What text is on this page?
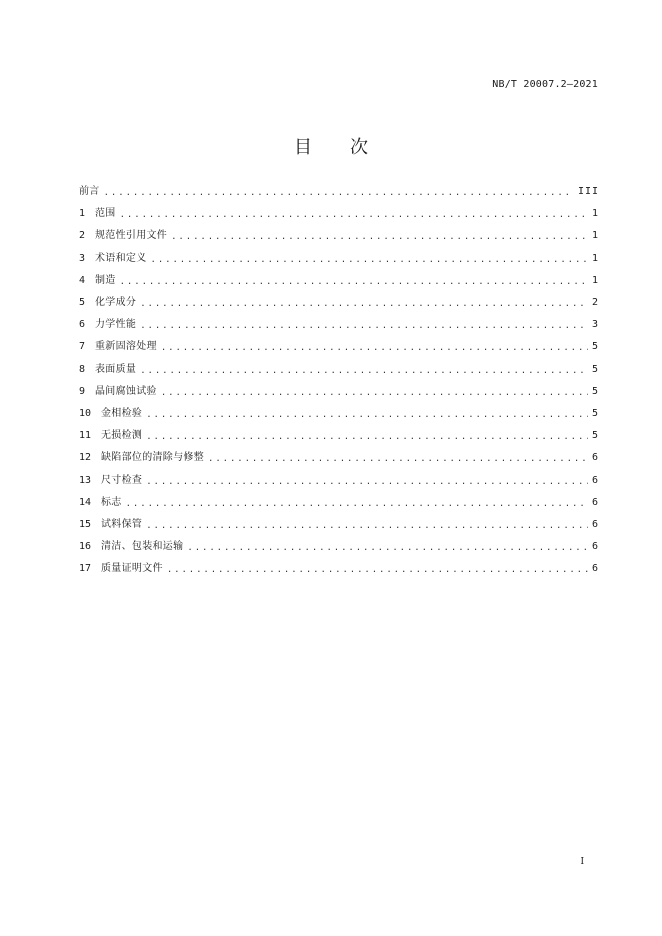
NB/T 20007.2—2021
目 次
前言 .....	III
1 范围 .....	1
2 规范性引用文件 .....	1
3 术语和定义 .....	1
4 制造 .....	1
5 化学成分 .....	2
6 力学性能 .....	3
7 重新固溶处理 .....	5
8 表面质量 .....	5
9 晶间腐蚀试验 .....	5
10 金相检验 .....	5
11 无损检测 .....	5
12 缺陷部位的清除与修整 .....	6
13 尺寸检查 .....	6
14 标志 .....	6
15 试料保管 .....	6
16 清洁、包装和运输 .....	6
17 质量证明文件 .....	6
I
